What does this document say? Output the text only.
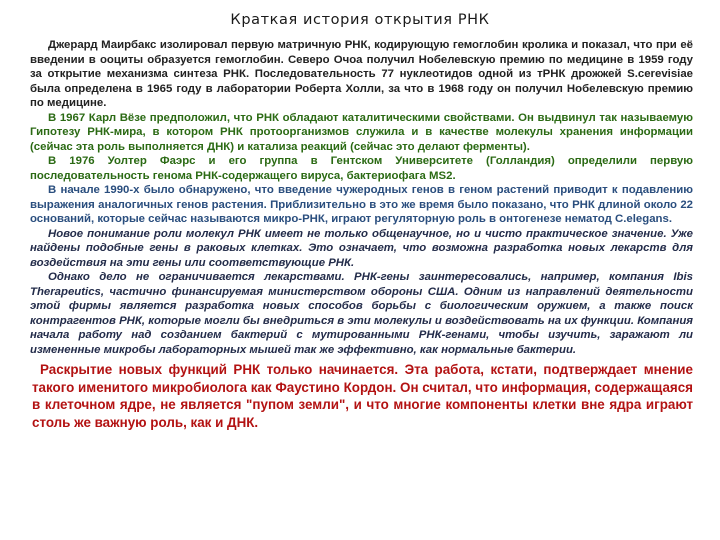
Краткая история открытия РНК

Джерард Маирбакс изолировал первую матричную РНК, кодирующую гемоглобин кролика и показал, что при её введении в ооциты образуется гемоглобин. Северо Очоа получил Нобелевскую премию по медицине в 1959 году за открытие механизма синтеза РНК. Последовательность 77 нуклеотидов одной из тРНК дрожжей S.cerevisiae была определена в 1965 году в лаборатории Роберта Холли, за что в 1968 году он получил Нобелевскую премию по медицине.

В 1967 Карл Вёзе предположил, что РНК обладают каталитическими свойствами. Он выдвинул так называемую Гипотезу РНК-мира, в котором РНК протоорганизмов служила и в качестве молекулы хранения информации (сейчас эта роль выполняется ДНК) и катализа реакций (сейчас это делают ферменты).

В 1976 Уолтер Фаэрс и его группа в Гентском Университете (Голландия) определили первую последовательность генома РНК-содержащего вируса, бактериофага MS2.

В начале 1990-х было обнаружено, что введение чужеродных генов в геном растений приводит к подавлению выражения аналогичных генов растения. Приблизительно в это же время было показано, что РНК длиной около 22 оснований, которые сейчас называются микро-РНК, играют регуляторную роль в онтогенезе нематод C.elegans.

Новое понимание роли молекул РНК имеет не только общенаучное, но и чисто практическое значение. Уже найдены подобные гены в раковых клетках. Это означает, что возможна разработка новых лекарств для воздействия на эти гены или соответствующие РНК.

Однако дело не ограничивается лекарствами. РНК-гены заинтересовались, например, компания Ibis Therapeutics, частично финансируемая министерством обороны США. Одним из направлений деятельности этой фирмы является разработка новых способов борьбы с биологическим оружием, а также поиск контрагентов РНК, которые могли бы внедриться в эти молекулы и воздействовать на их функции. Компания начала работу над созданием бактерий с мутированными РНК-генами, чтобы изучить, заражают ли измененные микробы лабораторных мышей так же эффективно, как нормальные бактерии.

Раскрытие новых функций РНК только начинается. Эта работа, кстати, подтверждает мнение такого именитого микробиолога как Фаустино Кордон. Он считал, что информация, содержащаяся в клеточном ядре, не является "пупом земли", и что многие компоненты клетки вне ядра играют столь же важную роль, как и ДНК.
